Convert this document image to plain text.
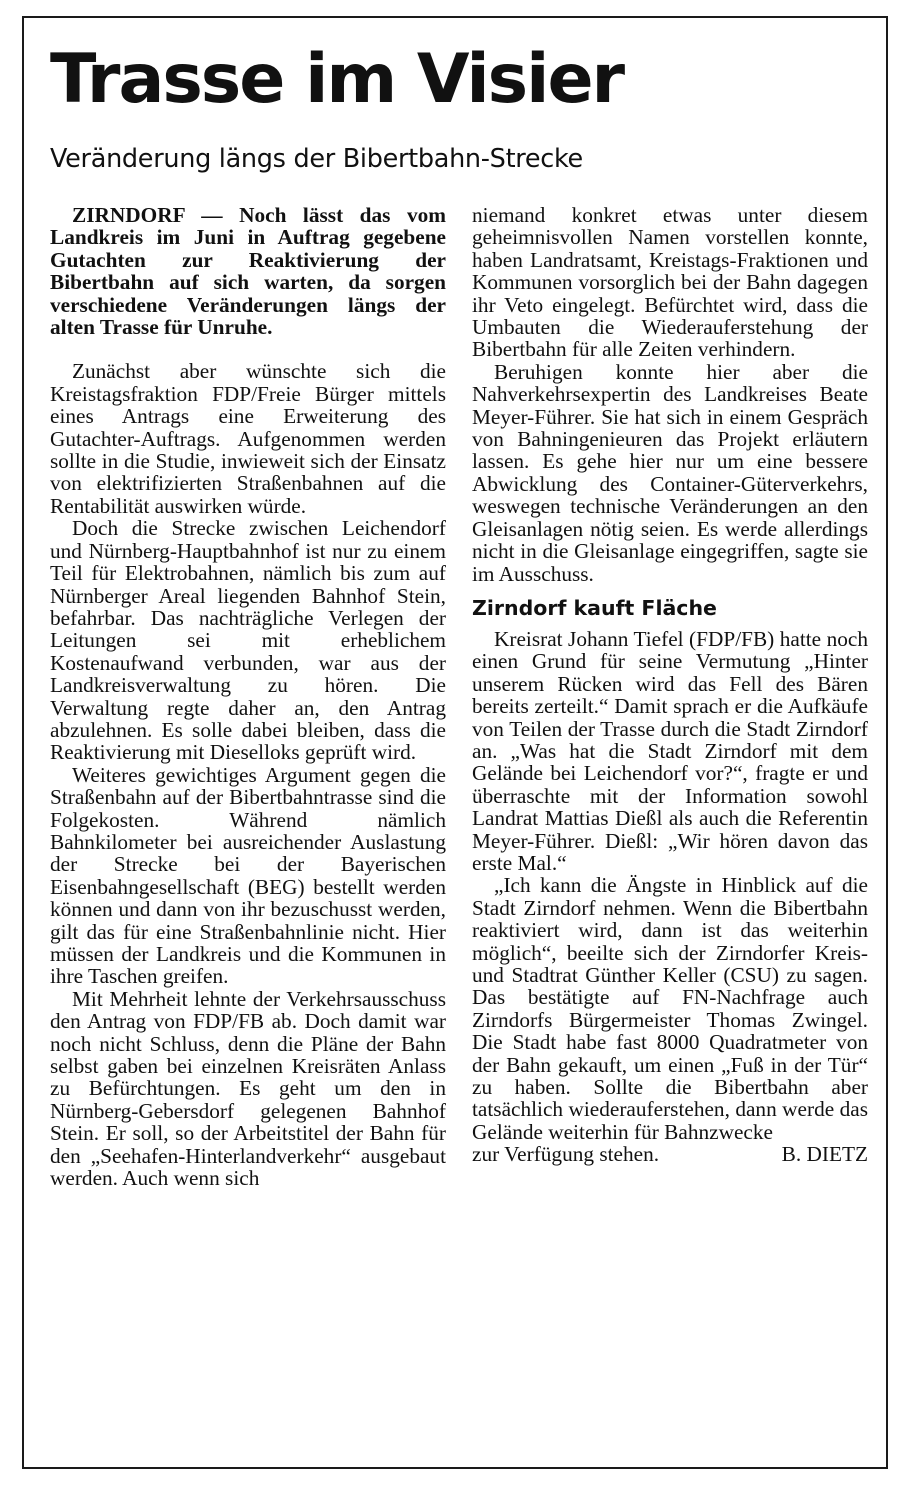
Trasse im Visier
Veränderung längs der Bibertbahn-Strecke

ZIRNDORF — Noch lässt das vom Landkreis im Juni in Auftrag gegebene Gutachten zur Reaktivierung der Bibertbahn auf sich warten, da sorgen verschiedene Veränderungen längs der alten Trasse für Unruhe.

Zunächst aber wünschte sich die Kreistagsfraktion FDP/Freie Bürger mittels eines Antrags eine Erweiterung des Gutachter-Auftrags. Aufgenommen werden sollte in die Studie, inwieweit sich der Einsatz von elektrifizierten Straßenbahnen auf die Rentabilität auswirken würde.

Doch die Strecke zwischen Leichendorf und Nürnberg-Hauptbahnhof ist nur zu einem Teil für Elektrobahnen, nämlich bis zum auf Nürnberger Areal liegenden Bahnhof Stein, befahrbar. Das nachträgliche Verlegen der Leitungen sei mit erheblichem Kostenaufwand verbunden, war aus der Landkreisverwaltung zu hören. Die Verwaltung regte daher an, den Antrag abzulehnen. Es solle dabei bleiben, dass die Reaktivierung mit Dieselloks geprüft wird.

Weiteres gewichtiges Argument gegen die Straßenbahn auf der Bibertbahntrasse sind die Folgekosten. Während nämlich Bahnkilometer bei ausreichender Auslastung der Strecke bei der Bayerischen Eisenbahngesellschaft (BEG) bestellt werden können und dann von ihr bezuschusst werden, gilt das für eine Straßenbahnlinie nicht. Hier müssen der Landkreis und die Kommunen in ihre Taschen greifen.

Mit Mehrheit lehnte der Verkehrsausschuss den Antrag von FDP/FB ab. Doch damit war noch nicht Schluss, denn die Pläne der Bahn selbst gaben bei einzelnen Kreisräten Anlass zu Befürchtungen. Es geht um den in Nürnberg-Gebersdorf gelegenen Bahnhof Stein. Er soll, so der Arbeitstitel der Bahn für den „Seehafen-Hinterlandverkehr“ ausgebaut werden. Auch wenn sich

niemand konkret etwas unter diesem geheimnisvollen Namen vorstellen konnte, haben Landratsamt, Kreistags-Fraktionen und Kommunen vorsorglich bei der Bahn dagegen ihr Veto eingelegt. Befürchtet wird, dass die Umbauten die Wiederauferstehung der Bibertbahn für alle Zeiten verhindern.

Beruhigen konnte hier aber die Nahverkehrsexpertin des Landkreises Beate Meyer-Führer. Sie hat sich in einem Gespräch von Bahningenieuren das Projekt erläutern lassen. Es gehe hier nur um eine bessere Abwicklung des Container-Güterverkehrs, weswegen technische Veränderungen an den Gleisanlagen nötig seien. Es werde allerdings nicht in die Gleisanlage eingegriffen, sagte sie im Ausschuss.

Zirndorf kauft Fläche

Kreisrat Johann Tiefel (FDP/FB) hatte noch einen Grund für seine Vermutung „Hinter unserem Rücken wird das Fell des Bären bereits zerteilt.“ Damit sprach er die Aufkäufe von Teilen der Trasse durch die Stadt Zirndorf an. „Was hat die Stadt Zirndorf mit dem Gelände bei Leichendorf vor?“, fragte er und überraschte mit der Information sowohl Landrat Mattias Dießl als auch die Referentin Meyer-Führer. Dießl: „Wir hören davon das erste Mal.“

„Ich kann die Ängste in Hinblick auf die Stadt Zirndorf nehmen. Wenn die Bibertbahn reaktiviert wird, dann ist das weiterhin möglich“, beeilte sich der Zirndorfer Kreis- und Stadtrat Günther Keller (CSU) zu sagen. Das bestätigte auf FN-Nachfrage auch Zirndorfs Bürgermeister Thomas Zwingel. Die Stadt habe fast 8000 Quadratmeter von der Bahn gekauft, um einen „Fuß in der Tür“ zu haben. Sollte die Bibertbahn aber tatsächlich wiederauferstehen, dann werde das Gelände weiterhin für Bahnzwecke

zur Verfügung stehen.	B. DIETZ
